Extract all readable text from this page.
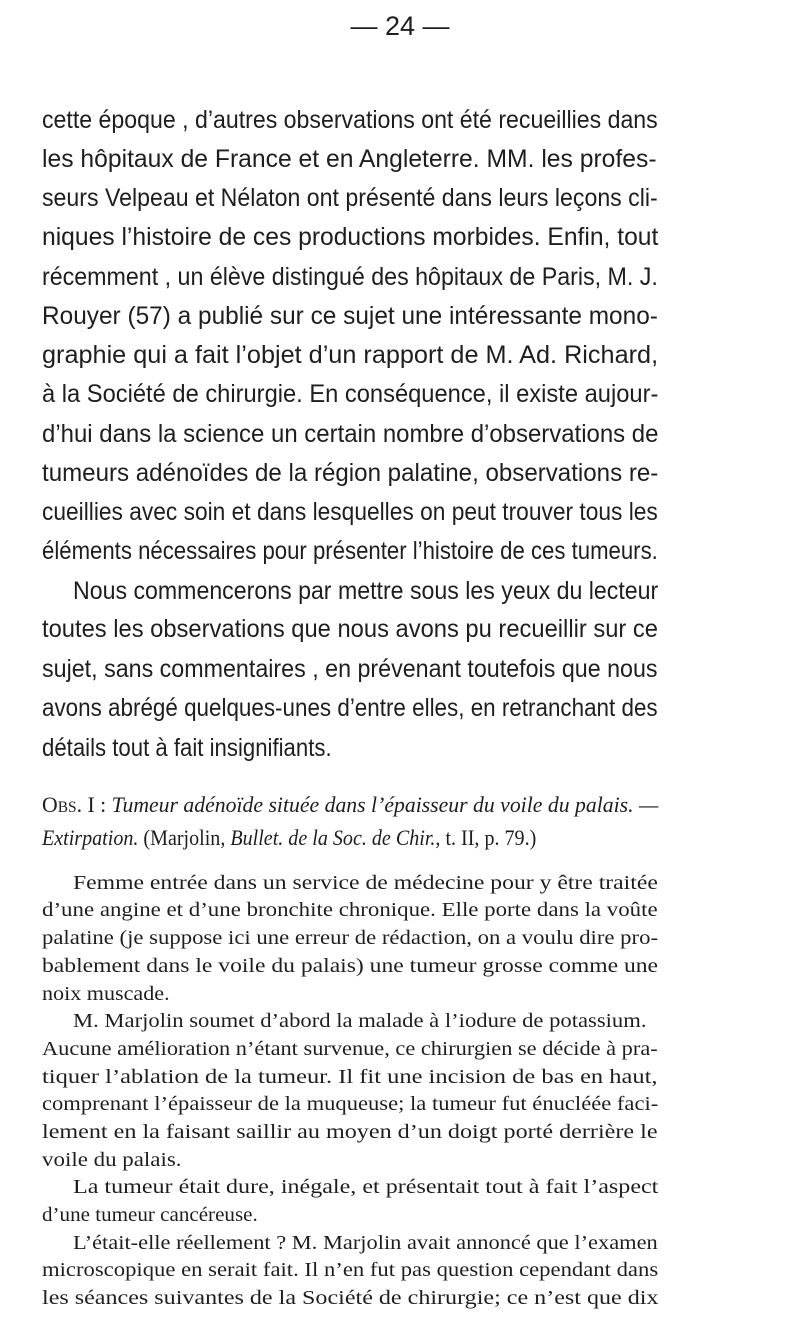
— 24 —
cette époque , d’autres observations ont été recueillies dans
les hôpitaux de France et en Angleterre. MM. les profes-
seurs Velpeau et Nélaton ont présenté dans leurs leçons cli-
niques l’histoire de ces productions morbides. Enfin, tout
récemment , un élève distingué des hôpitaux de Paris, M. J.
Rouyer (57) a publié sur ce sujet une intéressante mono-
graphie qui a fait l’objet d’un rapport de M. Ad. Richard,
à la Société de chirurgie. En conséquence, il existe aujour-
d’hui dans la science un certain nombre d’observations de
tumeurs adénoïdes de la région palatine, observations re-
cueillies avec soin et dans lesquelles on peut trouver tous les
éléments nécessaires pour présenter l’histoire de ces tumeurs.
Nous commencerons par mettre sous les yeux du lecteur
toutes les observations que nous avons pu recueillir sur ce
sujet, sans commentaires , en prévenant toutefois que nous
avons abrégé quelques-unes d’entre elles, en retranchant des
détails tout à fait insignifiants.
Obs. I : Tumeur adénoïde située dans l’épaisseur du voile du palais. —
Extirpation. (Marjolin, Bullet. de la Soc. de Chir., t. II, p. 79.)
Femme entrée dans un service de médecine pour y être traitée
d’une angine et d’une bronchite chronique. Elle porte dans la voûte
palatine (je suppose ici une erreur de rédaction, on a voulu dire pro-
bablement dans le voile du palais) une tumeur grosse comme une
noix muscade.
M. Marjolin soumet d’abord la malade à l’iodure de potassium.
Aucune amélioration n’étant survenue, ce chirurgien se décide à pra-
tiquer l’ablation de la tumeur. Il fit une incision de bas en haut,
comprenant l’épaisseur de la muqueuse; la tumeur fut énucléée faci-
lement en la faisant saillir au moyen d’un doigt porté derrière le
voile du palais.
La tumeur était dure, inégale, et présentait tout à fait l’aspect
d’une tumeur cancéreuse.
L’était-elle réellement ? M. Marjolin avait annoncé que l’examen
microscopique en serait fait. Il n’en fut pas question cependant dans
les séances suivantes de la Société de chirurgie; ce n’est que dix
